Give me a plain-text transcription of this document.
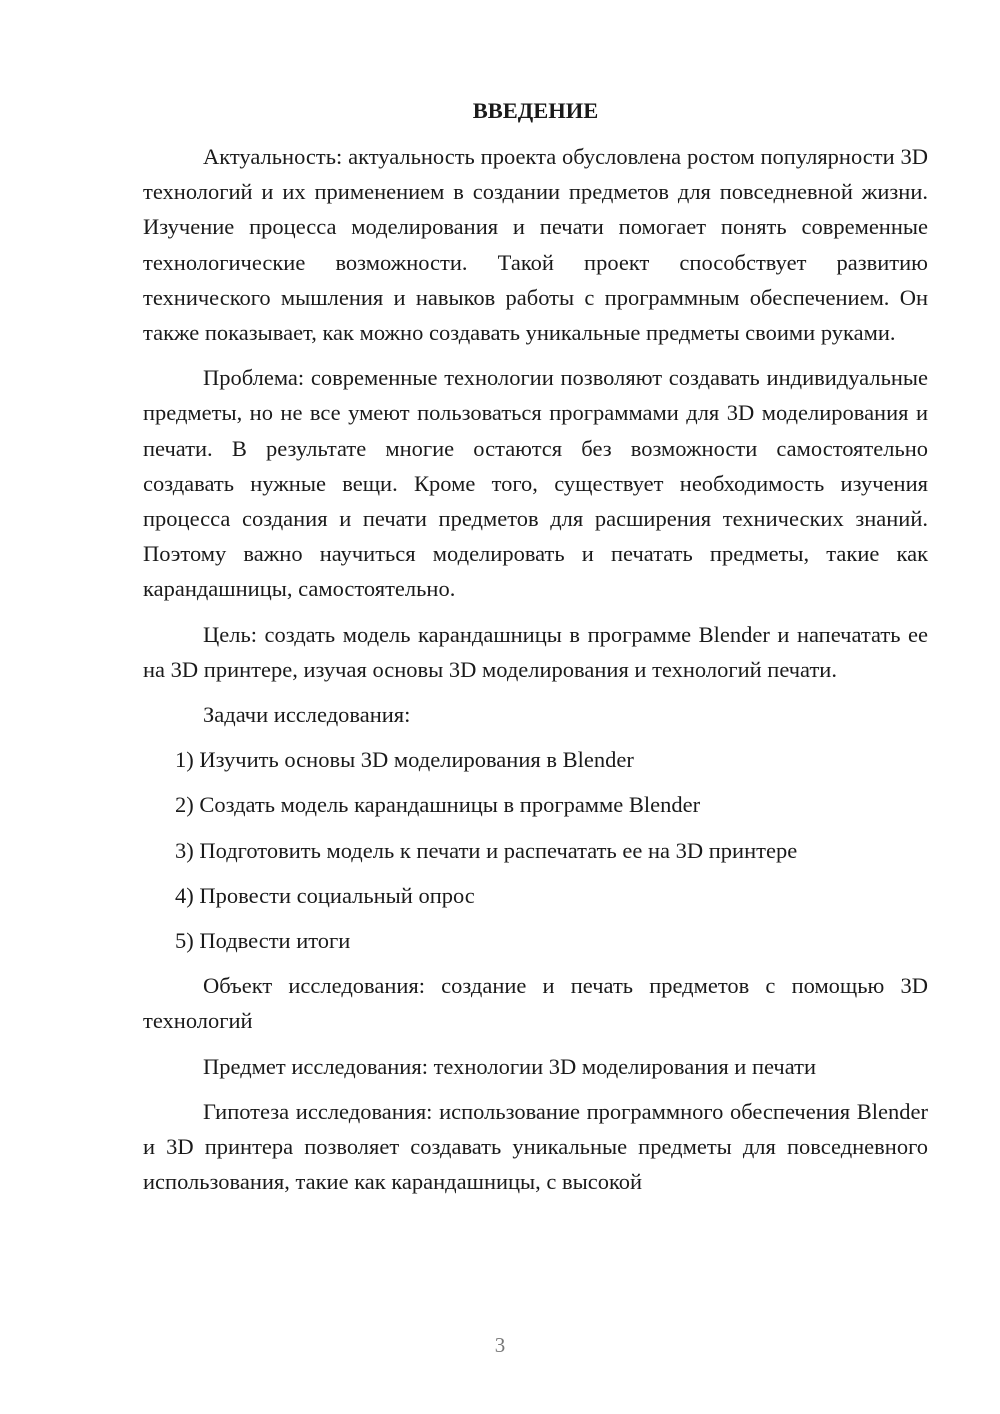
ВВЕДЕНИЕ

Актуальность: актуальность проекта обусловлена ростом популярности 3D технологий и их применением в создании предметов для повседневной жизни. Изучение процесса моделирования и печати помогает понять современные технологические возможности. Такой проект способствует развитию технического мышления и навыков работы с программным обеспечением. Он также показывает, как можно создавать уникальные предметы своими руками.

Проблема: современные технологии позволяют создавать индивидуальные предметы, но не все умеют пользоваться программами для 3D моделирования и печати. В результате многие остаются без возможности самостоятельно создавать нужные вещи. Кроме того, существует необходимость изучения процесса создания и печати предметов для расширения технических знаний. Поэтому важно научиться моделировать и печатать предметы, такие как карандашницы, самостоятельно.

Цель: создать модель карандашницы в программе Blender и напечатать ее на 3D принтере, изучая основы 3D моделирования и технологий печати.

Задачи исследования:

1) Изучить основы 3D моделирования в Blender
2) Создать модель карандашницы в программе Blender
3) Подготовить модель к печати и распечатать ее на 3D принтере
4) Провести социальный опрос
5) Подвести итоги

Объект исследования: создание и печать предметов с помощью 3D технологий

Предмет исследования: технологии 3D моделирования и печати

Гипотеза исследования: использование программного обеспечения Blender и 3D принтера позволяет создавать уникальные предметы для повседневного использования, такие как карандашницы, с высокой

3
